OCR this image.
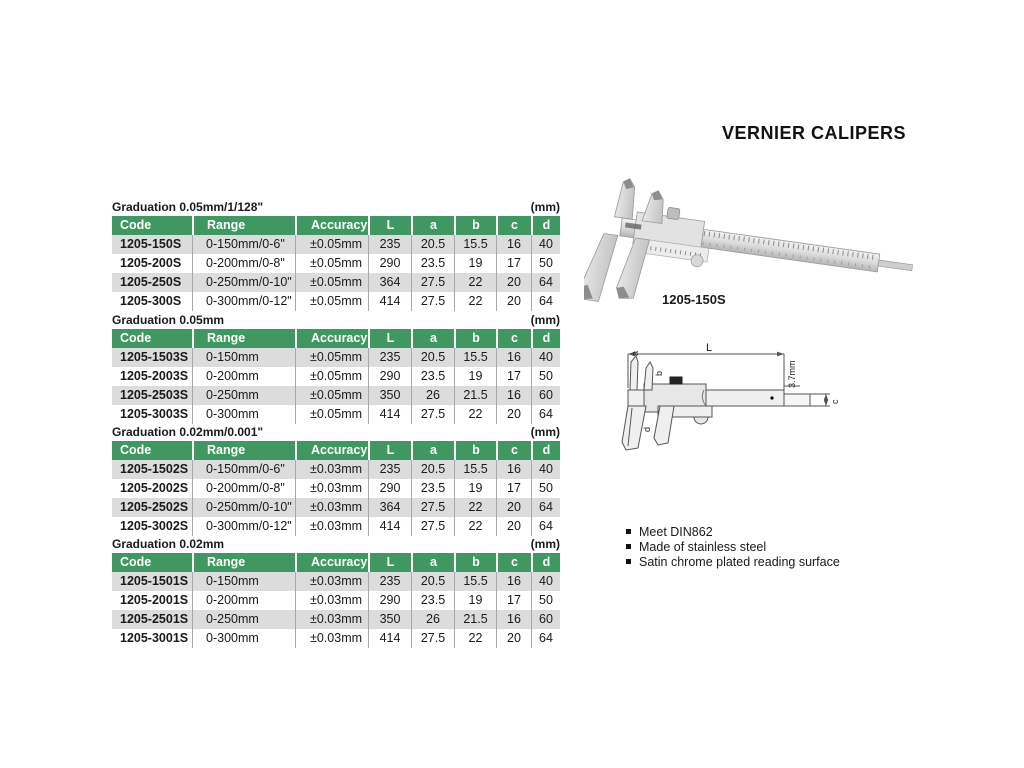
VERNIER CALIPERS
Graduation 0.05mm/1/128"	(mm)
Code	Range	Accuracy	L	a	b	c	d
1205-150S	0-150mm/0-6"	±0.05mm	235	20.5	15.5	16	40
1205-200S	0-200mm/0-8"	±0.05mm	290	23.5	19	17	50
1205-250S	0-250mm/0-10"	±0.05mm	364	27.5	22	20	64
1205-300S	0-300mm/0-12"	±0.05mm	414	27.5	22	20	64
Graduation 0.05mm	(mm)
Code	Range	Accuracy	L	a	b	c	d
1205-1503S	0-150mm	±0.05mm	235	20.5	15.5	16	40
1205-2003S	0-200mm	±0.05mm	290	23.5	19	17	50
1205-2503S	0-250mm	±0.05mm	350	26	21.5	16	60
1205-3003S	0-300mm	±0.05mm	414	27.5	22	20	64
Graduation 0.02mm/0.001"	(mm)
Code	Range	Accuracy	L	a	b	c	d
1205-1502S	0-150mm/0-6"	±0.03mm	235	20.5	15.5	16	40
1205-2002S	0-200mm/0-8"	±0.03mm	290	23.5	19	17	50
1205-2502S	0-250mm/0-10"	±0.03mm	364	27.5	22	20	64
1205-3002S	0-300mm/0-12"	±0.03mm	414	27.5	22	20	64
Graduation 0.02mm	(mm)
Code	Range	Accuracy	L	a	b	c	d
1205-1501S	0-150mm	±0.03mm	235	20.5	15.5	16	40
1205-2001S	0-200mm	±0.03mm	290	23.5	19	17	50
1205-2501S	0-250mm	±0.03mm	350	26	21.5	16	60
1205-3001S	0-300mm	±0.03mm	414	27.5	22	20	64
1205-150S
L
a
b	3.7mm
c
d
Meet DIN862
Made of stainless steel
Satin chrome plated reading surface
